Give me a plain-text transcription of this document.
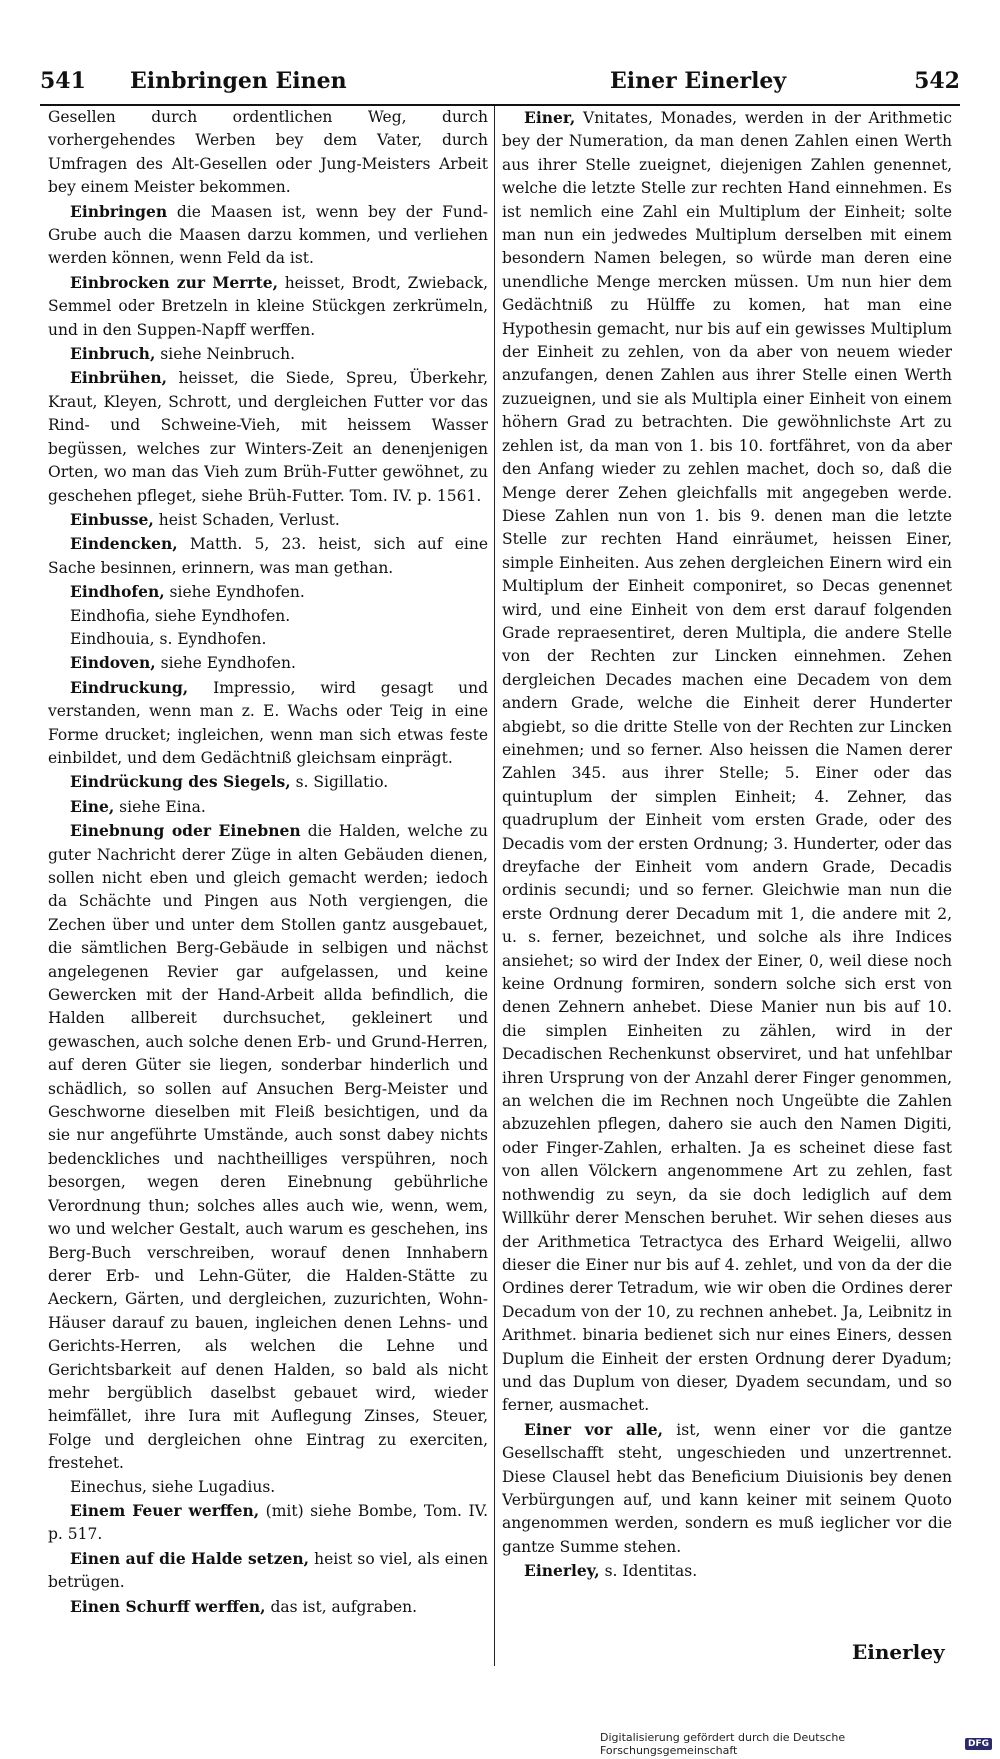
541 Einbringen Einen	Einer Einerley	542

Gesellen durch ordentlichen Weg, durch vorhergehendes Werben bey dem Vater, durch Umfragen des Alt-Gesellen oder Jung-Meisters Arbeit bey einem Meister bekommen.

Einbringen die Maasen ist, wenn bey der Fund-Grube auch die Maasen darzu kommen, und verliehen werden können, wenn Feld da ist.

Einbrocken zur Merrte, heisset, Brodt, Zwieback, Semmel oder Bretzeln in kleine Stückgen zerkrümeln, und in den Suppen-Napff werffen.

Einbruch, siehe Neinbruch.

Einbrühen, heisset, die Siede, Spreu, Überkehr, Kraut, Kleyen, Schrott, und dergleichen Futter vor das Rind- und Schweine-Vieh, mit heissem Wasser begüssen, welches zur Winters-Zeit an denenjenigen Orten, wo man das Vieh zum Brüh-Futter gewöhnet, zu geschehen pfleget, siehe Brüh-Futter. Tom. IV. p. 1561.

Einbusse, heist Schaden, Verlust.

Eindencken, Matth. 5, 23. heist, sich auf eine Sache besinnen, erinnern, was man gethan.

Eindhofen, siehe Eyndhofen.

Eindhofia, siehe Eyndhofen.

Eindhouia, s. Eyndhofen.

Eindoven, siehe Eyndhofen.

Eindruckung, Impressio, wird gesagt und verstanden, wenn man z. E. Wachs oder Teig in eine Forme drucket; ingleichen, wenn man sich etwas feste einbildet, und dem Gedächtniß gleichsam einprägt.

Eindrückung des Siegels, s. Sigillatio.

Eine, siehe Eina.

Einebnung oder Einebnen die Halden, welche zu guter Nachricht derer Züge in alten Gebäuden dienen, sollen nicht eben und gleich gemacht werden; iedoch da Schächte und Pingen aus Noth vergiengen, die Zechen über und unter dem Stollen gantz ausgebauet, die sämtlichen Berg-Gebäude in selbigen und nächst angelegenen Revier gar aufgelassen, und keine Gewercken mit der Hand-Arbeit allda befindlich, die Halden allbereit durchsuchet, gekleinert und gewaschen, auch solche denen Erb- und Grund-Herren, auf deren Güter sie liegen, sonderbar hinderlich und schädlich, so sollen auf Ansuchen Berg-Meister und Geschworne dieselben mit Fleiß besichtigen, und da sie nur angeführte Umstände, auch sonst dabey nichts bedenckliches und nachtheilliges verspühren, noch besorgen, wegen deren Einebnung gebührliche Verordnung thun; solches alles auch wie, wenn, wem, wo und welcher Gestalt, auch warum es geschehen, ins Berg-Buch verschreiben, worauf denen Innhabern derer Erb- und Lehn-Güter, die Halden-Stätte zu Aeckern, Gärten, und dergleichen, zuzurichten, Wohn-Häuser darauf zu bauen, ingleichen denen Lehns- und Gerichts-Herren, als welchen die Lehne und Gerichtsbarkeit auf denen Halden, so bald als nicht mehr bergüblich daselbst gebauet wird, wieder heimfället, ihre Iura mit Auflegung Zinses, Steuer, Folge und dergleichen ohne Eintrag zu exerciten, frestehet.

Einechus, siehe Lugadius.

Einem Feuer werffen, (mit) siehe Bombe, Tom. IV. p. 517.

Einen auf die Halde setzen, heist so viel, als einen betrügen.

Einen Schurff werffen, das ist, aufgraben.

Einer, Vnitates, Monades, werden in der Arithmetic bey der Numeration, da man denen Zahlen einen Werth aus ihrer Stelle zueignet, diejenigen Zahlen genennet, welche die letzte Stelle zur rechten Hand einnehmen. Es ist nemlich eine Zahl ein Multiplum der Einheit; solte man nun ein jedwedes Multiplum derselben mit einem besondern Namen belegen, so würde man deren eine unendliche Menge mercken müssen. Um nun hier dem Gedächtniß zu Hülffe zu komen, hat man eine Hypothesin gemacht, nur bis auf ein gewisses Multiplum der Einheit zu zehlen, von da aber von neuem wieder anzufangen, denen Zahlen aus ihrer Stelle einen Werth zuzueignen, und sie als Multipla einer Einheit von einem höhern Grad zu betrachten. Die gewöhnlichste Art zu zehlen ist, da man von 1. bis 10. fortfähret, von da aber den Anfang wieder zu zehlen machet, doch so, daß die Menge derer Zehen gleichfalls mit angegeben werde. Diese Zahlen nun von 1. bis 9. denen man die letzte Stelle zur rechten Hand einräumet, heissen Einer, simple Einheiten. Aus zehen dergleichen Einern wird ein Multiplum der Einheit componiret, so Decas genennet wird, und eine Einheit von dem erst darauf folgenden Grade repraesentiret, deren Multipla, die andere Stelle von der Rechten zur Lincken einnehmen. Zehen dergleichen Decades machen eine Decadem von dem andern Grade, welche die Einheit derer Hunderter abgiebt, so die dritte Stelle von der Rechten zur Lincken einehmen; und so ferner. Also heissen die Namen derer Zahlen 345. aus ihrer Stelle; 5. Einer oder das quintuplum der simplen Einheit; 4. Zehner, das quadruplum der Einheit vom ersten Grade, oder des Decadis vom der ersten Ordnung; 3. Hunderter, oder das dreyfache der Einheit vom andern Grade, Decadis ordinis secundi; und so ferner. Gleichwie man nun die erste Ordnung derer Decadum mit 1, die andere mit 2, u. s. ferner, bezeichnet, und solche als ihre Indices ansiehet; so wird der Index der Einer, 0, weil diese noch keine Ordnung formiren, sondern solche sich erst von denen Zehnern anhebet. Diese Manier nun bis auf 10. die simplen Einheiten zu zählen, wird in der Decadischen Rechenkunst observiret, und hat unfehlbar ihren Ursprung von der Anzahl derer Finger genommen, an welchen die im Rechnen noch Ungeübte die Zahlen abzuzehlen pflegen, dahero sie auch den Namen Digiti, oder Finger-Zahlen, erhalten. Ja es scheinet diese fast von allen Völckern angenommene Art zu zehlen, fast nothwendig zu seyn, da sie doch lediglich auf dem Willkühr derer Menschen beruhet. Wir sehen dieses aus der Arithmetica Tetractyca des Erhard Weigelii, allwo dieser die Einer nur bis auf 4. zehlet, und von da der die Ordines derer Tetradum, wie wir oben die Ordines derer Decadum von der 10, zu rechnen anhebet. Ja, Leibnitz in Arithmet. binaria bedienet sich nur eines Einers, dessen Duplum die Einheit der ersten Ordnung derer Dyadum; und das Duplum von dieser, Dyadem secundam, und so ferner, ausmachet.

Einer vor alle, ist, wenn einer vor die gantze Gesellschafft steht, ungeschieden und unzertrennet. Diese Clausel hebt das Beneficium Diuisionis bey denen Verbürgungen auf, und kann keiner mit seinem Quoto angenommen werden, sondern es muß ieglicher vor die gantze Summe stehen.

Einerley, s. Identitas.

Einerley
Digitalisierung gefördert durch die Deutsche Forschungsgemeinschaft	DFG
